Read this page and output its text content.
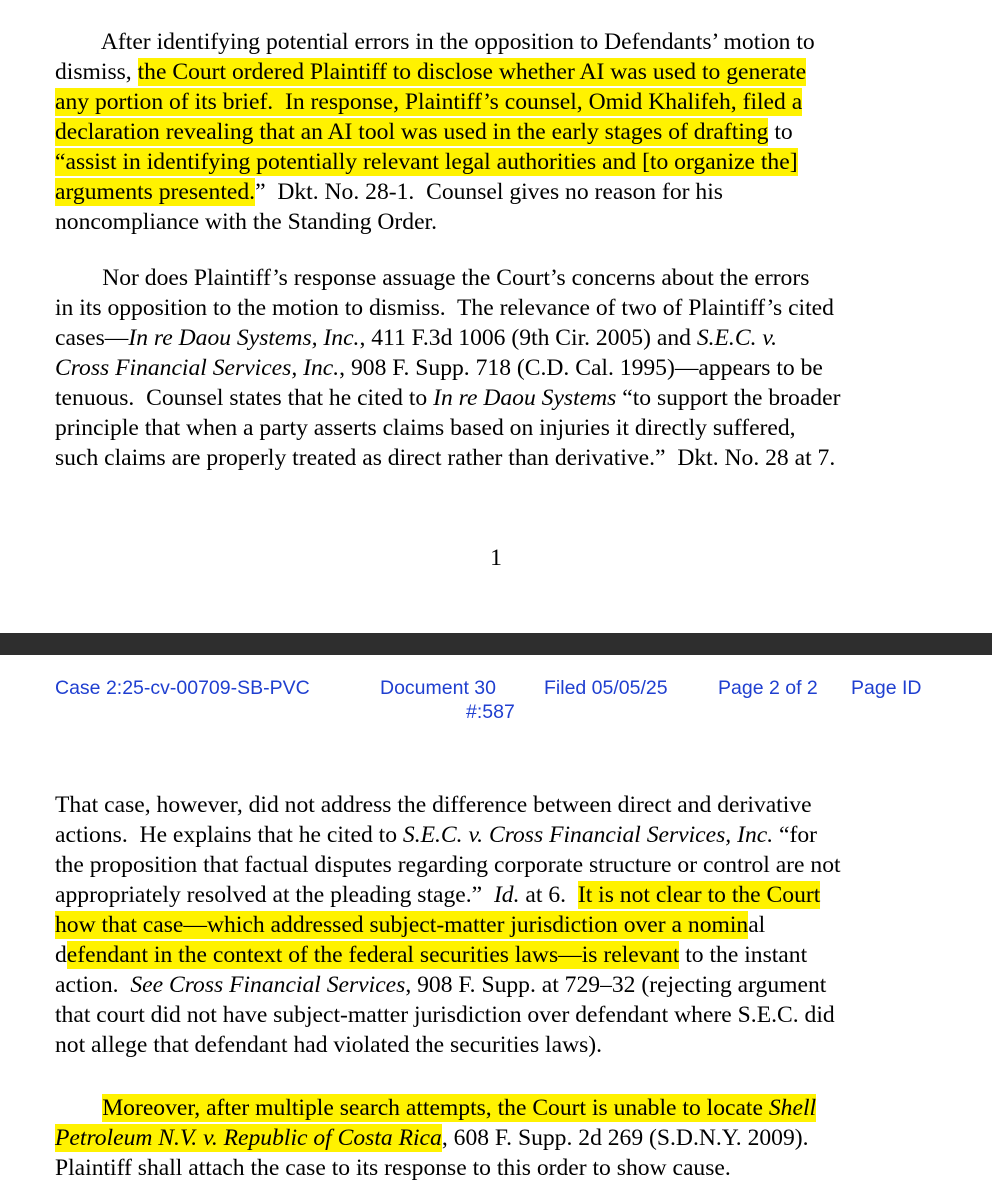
After identifying potential errors in the opposition to Defendants’ motion to
dismiss, the Court ordered Plaintiff to disclose whether AI was used to generate
any portion of its brief.  In response, Plaintiff’s counsel, Omid Khalifeh, filed a
declaration revealing that an AI tool was used in the early stages of drafting to
“assist in identifying potentially relevant legal authorities and [to organize the]
arguments presented.”  Dkt. No. 28-1.  Counsel gives no reason for his
noncompliance with the Standing Order.
Nor does Plaintiff’s response assuage the Court’s concerns about the errors
in its opposition to the motion to dismiss.  The relevance of two of Plaintiff’s cited
cases—In re Daou Systems, Inc., 411 F.3d 1006 (9th Cir. 2005) and S.E.C. v.
Cross Financial Services, Inc., 908 F. Supp. 718 (C.D. Cal. 1995)—appears to be
tenuous.  Counsel states that he cited to In re Daou Systems “to support the broader
principle that when a party asserts claims based on injuries it directly suffered,
such claims are properly treated as direct rather than derivative.”  Dkt. No. 28 at 7.
1
Case 2:25-cv-00709-SB-PVC	Document 30 Filed 05/05/25	Page 2 of 2 Page ID
#:587
That case, however, did not address the difference between direct and derivative
actions.  He explains that he cited to S.E.C. v. Cross Financial Services, Inc. “for
the proposition that factual disputes regarding corporate structure or control are not
appropriately resolved at the pleading stage.”  Id. at 6.  It is not clear to the Court
how that case—which addressed subject-matter jurisdiction over a nominal
defendant in the context of the federal securities laws—is relevant to the instant
action.  See Cross Financial Services, 908 F. Supp. at 729–32 (rejecting argument
that court did not have subject-matter jurisdiction over defendant where S.E.C. did
not allege that defendant had violated the securities laws).
Moreover, after multiple search attempts, the Court is unable to locate Shell
Petroleum N.V. v. Republic of Costa Rica, 608 F. Supp. 2d 269 (S.D.N.Y. 2009).
Plaintiff shall attach the case to its response to this order to show cause.
